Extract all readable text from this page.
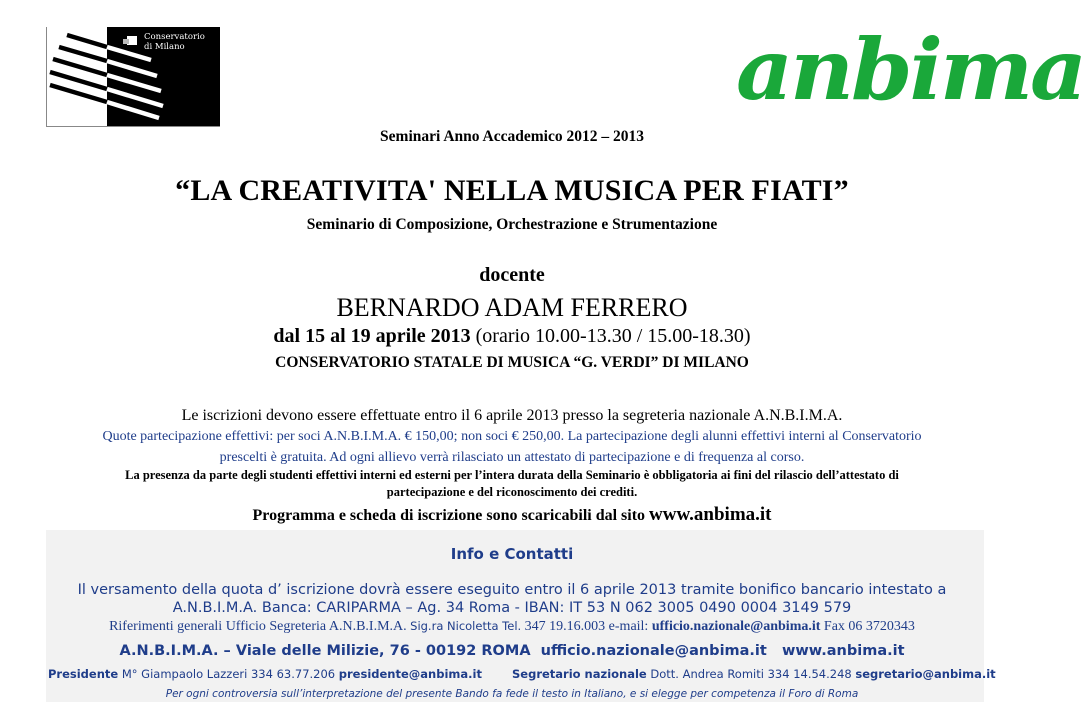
Conservatorio
di Milano	anbima
Seminari Anno Accademico 2012 – 2013
“LA CREATIVITA' NELLA MUSICA PER FIATI”
Seminario di Composizione, Orchestrazione e Strumentazione
docente
BERNARDO ADAM FERRERO
dal 15 al 19 aprile 2013 (orario 10.00-13.30 / 15.00-18.30)
CONSERVATORIO STATALE DI MUSICA “G. VERDI” DI MILANO
Le iscrizioni devono essere effettuate entro il 6 aprile 2013 presso la segreteria nazionale A.N.B.I.M.A.
Quote partecipazione effettivi: per soci A.N.B.I.M.A. € 150,00; non soci € 250,00. La partecipazione degli alunni effettivi interni al Conservatorio
prescelti è gratuita. Ad ogni allievo verrà rilasciato un attestato di partecipazione e di frequenza al corso.
La presenza da parte degli studenti effettivi interni ed esterni per l’intera durata della Seminario è obbligatoria ai fini del rilascio dell’attestato di
partecipazione e del riconoscimento dei crediti.
Programma e scheda di iscrizione sono scaricabili dal sito www.anbima.it
Info e Contatti
Il versamento della quota d’ iscrizione dovrà essere eseguito entro il 6 aprile 2013 tramite bonifico bancario intestato a
A.N.B.I.M.A. Banca: CARIPARMA – Ag. 34 Roma - IBAN: IT 53 N 062 3005 0490 0004 3149 579
Riferimenti generali Ufficio Segreteria A.N.B.I.M.A. Sig.ra Nicoletta Tel. 347 19.16.003 e-mail: ufficio.nazionale@anbima.it Fax 06 3720343
A.N.B.I.M.A. – Viale delle Milizie, 76 - 00192 ROMA ufficio.nazionale@anbima.it www.anbima.it
Presidente M° Giampaolo Lazzeri 334 63.77.206 presidente@anbima.it	Segretario nazionale Dott. Andrea Romiti 334 14.54.248 segretario@anbima.it
Per ogni controversia sull’interpretazione del presente Bando fa fede il testo in Italiano, e si elegge per competenza il Foro di Roma
